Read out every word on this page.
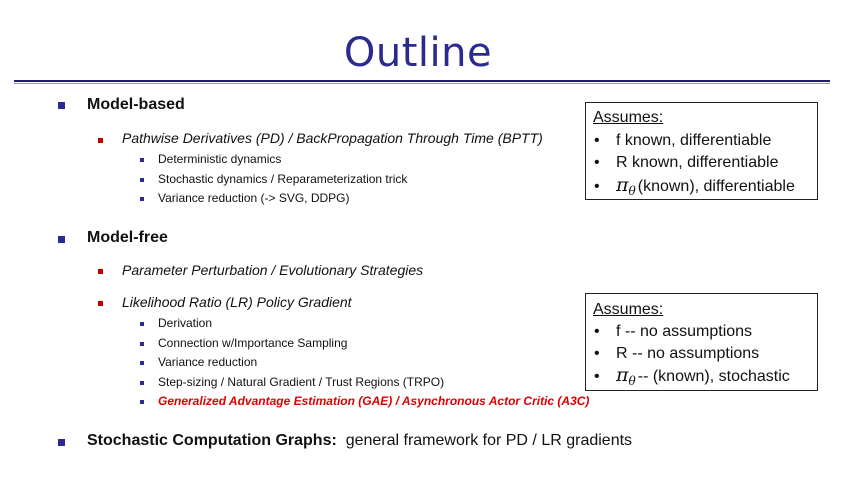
Outline
Model-based
Pathwise Derivatives (PD) / BackPropagation Through Time (BPTT)
Deterministic dynamics
Stochastic dynamics / Reparameterization trick
Variance reduction (-> SVG, DDPG)
Model-free
Parameter Perturbation / Evolutionary Strategies
Likelihood Ratio (LR) Policy Gradient
Derivation
Connection w/Importance Sampling
Variance reduction
Step-sizing / Natural Gradient / Trust Regions (TRPO)
Generalized Advantage Estimation (GAE) / Asynchronous Actor Critic (A3C)
Stochastic Computation Graphs: general framework for PD / LR gradients
Assumes:
• f known, differentiable
• R known, differentiable
• $\pi_\theta$ (known), differentiable
Assumes:
• f -- no assumptions
• R -- no assumptions
• $\pi_\theta$ -- (known), stochastic
